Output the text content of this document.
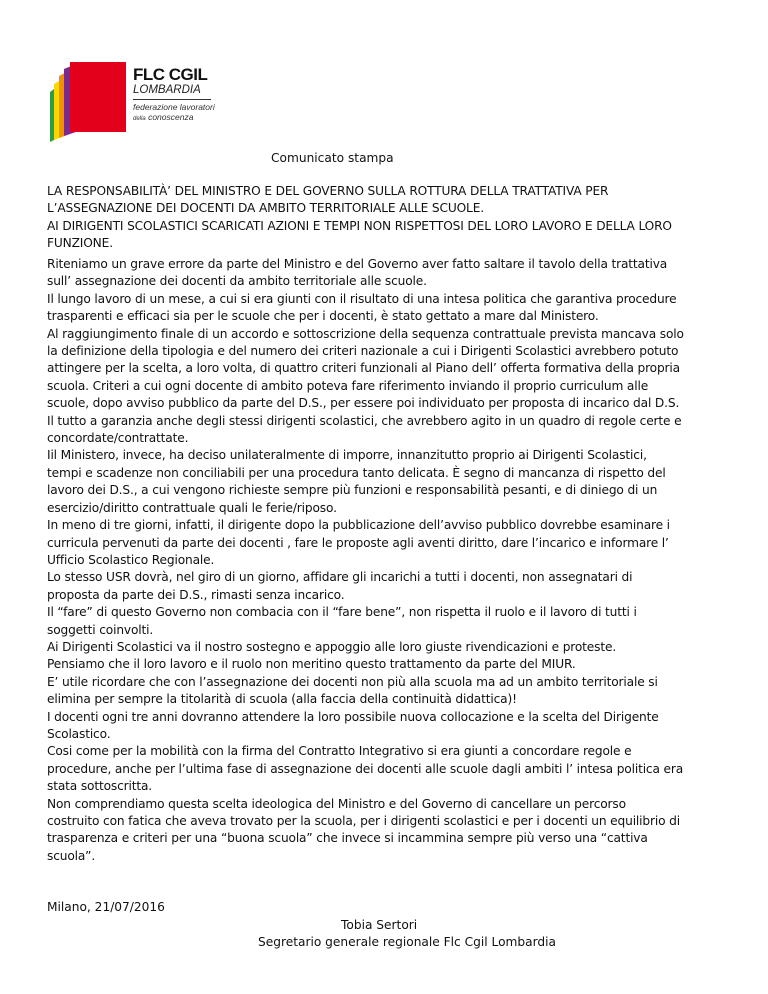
FLC CGIL
LOMBARDIA
federazione lavoratori
della conoscenza
Comunicato stampa
LA RESPONSABILITÀ’ DEL MINISTRO E DEL GOVERNO SULLA ROTTURA DELLA TRATTATIVA PER
L’ASSEGNAZIONE DEI DOCENTI DA AMBITO TERRITORIALE ALLE SCUOLE.
AI DIRIGENTI SCOLASTICI SCARICATI AZIONI E TEMPI NON RISPETTOSI DEL LORO LAVORO E DELLA LORO
FUNZIONE.
Riteniamo un grave errore da parte del Ministro e del Governo aver fatto saltare il tavolo della trattativa
sull’ assegnazione dei docenti da ambito territoriale alle scuole.
Il lungo lavoro di un mese, a cui si era giunti con il risultato di una intesa politica che garantiva procedure
trasparenti e efficaci sia per le scuole che per i docenti, è stato gettato a mare dal Ministero.
Al raggiungimento finale di un accordo e sottoscrizione della sequenza contrattuale prevista mancava solo
la definizione della tipologia e del numero dei criteri nazionale a cui i Dirigenti Scolastici avrebbero potuto
attingere per la scelta, a loro volta, di quattro criteri funzionali al Piano dell’ offerta formativa della propria
scuola. Criteri a cui ogni docente di ambito poteva fare riferimento inviando il proprio curriculum alle
scuole, dopo avviso pubblico da parte del D.S., per essere poi individuato per proposta di incarico dal D.S.
Il tutto a garanzia anche degli stessi dirigenti scolastici, che avrebbero agito in un quadro di regole certe e
concordate/contrattate.
Iil Ministero, invece, ha deciso unilateralmente di imporre, innanzitutto proprio ai Dirigenti Scolastici,
tempi e scadenze non conciliabili per una procedura tanto delicata. È segno di mancanza di rispetto del
lavoro dei D.S., a cui vengono richieste sempre più funzioni e responsabilità pesanti, e di diniego di un
esercizio/diritto contrattuale quali le ferie/riposo.
In meno di tre giorni, infatti, il dirigente dopo la pubblicazione dell’avviso pubblico dovrebbe esaminare i
curricula pervenuti da parte dei docenti , fare le proposte agli aventi diritto, dare l’incarico e informare l’
Ufficio Scolastico Regionale.
Lo stesso USR dovrà, nel giro di un giorno, affidare gli incarichi a tutti i docenti, non assegnatari di
proposta da parte dei D.S., rimasti senza incarico.
Il “fare” di questo Governo non combacia con il “fare bene”, non rispetta il ruolo e il lavoro di tutti i
soggetti coinvolti.
Ai Dirigenti Scolastici va il nostro sostegno e appoggio alle loro giuste rivendicazioni e proteste.
Pensiamo che il loro lavoro e il ruolo non meritino questo trattamento da parte del MIUR.
E’ utile ricordare che con l’assegnazione dei docenti non più alla scuola ma ad un ambito territoriale si
elimina per sempre la titolarità di scuola (alla faccia della continuità didattica)!
I docenti ogni tre anni dovranno attendere la loro possibile nuova collocazione e la scelta del Dirigente
Scolastico.
Cosi come per la mobilità con la firma del Contratto Integrativo si era giunti a concordare regole e
procedure, anche per l’ultima fase di assegnazione dei docenti alle scuole dagli ambiti l’ intesa politica era
stata sottoscritta.
Non comprendiamo questa scelta ideologica del Ministro e del Governo di cancellare un percorso
costruito con fatica che aveva trovato per la scuola, per i dirigenti scolastici e per i docenti un equilibrio di
trasparenza e criteri per una “buona scuola” che invece si incammina sempre più verso una “cattiva
scuola”.
Milano, 21/07/2016
Tobia Sertori
Segretario generale regionale Flc Cgil Lombardia
